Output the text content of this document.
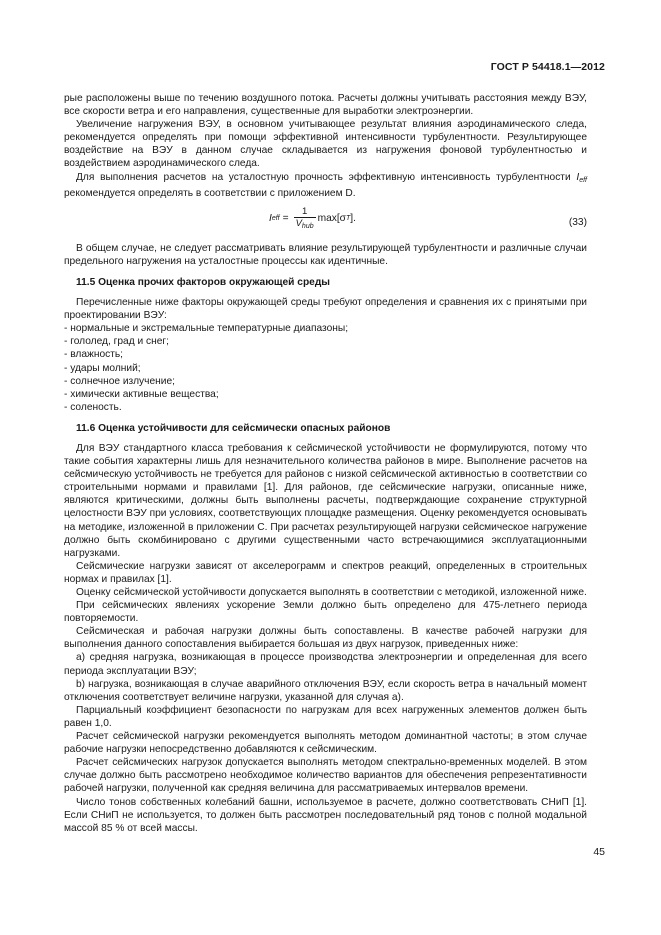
ГОСТ Р 54418.1—2012

рые расположены выше по течению воздушного потока. Расчеты должны учитывать расстояния между ВЭУ, все скорости ветра и его направления, существенные для выработки электроэнергии.

Увеличение нагружения ВЭУ, в основном учитывающее результат влияния аэродинамического следа, рекомендуется определять при помощи эффективной интенсивности турбулентности. Результирующее воздействие на ВЭУ в данном случае складывается из нагружения фоновой турбулентностью и воздействием аэродинамического следа.

Для выполнения расчетов на усталостную прочность эффективную интенсивность турбулентности $I_{eff}$ рекомендуется определять в соответствии с приложением D.

I eff = $\frac{1}{V_{hub}}$ max [σ T ].	(33)

В общем случае, не следует рассматривать влияние результирующей турбулентности и различные случаи предельного нагружения на усталостные процессы как идентичные.

11.5 Оценка прочих факторов окружающей среды

Перечисленные ниже факторы окружающей среды требуют определения и сравнения их с принятыми при проектировании ВЭУ:

- нормальные и экстремальные температурные диапазоны;

- гололед, град и снег;

- влажность;

- удары молний;

- солнечное излучение;

- химически активные вещества;

- соленость.

11.6 Оценка устойчивости для сейсмически опасных районов

Для ВЭУ стандартного класса требования к сейсмической устойчивости не формулируются, потому что такие события характерны лишь для незначительного количества районов в мире. Выполнение расчетов на сейсмическую устойчивость не требуется для районов с низкой сейсмической активностью в соответствии со строительными нормами и правилами [1]. Для районов, где сейсмические нагрузки, описанные ниже, являются критическими, должны быть выполнены расчеты, подтверждающие сохранение структурной целостности ВЭУ при условиях, соответствующих площадке размещения. Оценку рекомендуется основывать на методике, изложенной в приложении С. При расчетах результирующей нагрузки сейсмическое нагружение должно быть скомбинировано с другими существенными часто встречающимися эксплуатационными нагрузками.

Сейсмические нагрузки зависят от акселерограмм и спектров реакций, определенных в строительных нормах и правилах [1].

Оценку сейсмической устойчивости допускается выполнять в соответствии с методикой, изложенной ниже.

При сейсмических явлениях ускорение Земли должно быть определено для 475-летнего периода повторяемости.

Сейсмическая и рабочая нагрузки должны быть сопоставлены. В качестве рабочей нагрузки для выполнения данного сопоставления выбирается большая из двух нагрузок, приведенных ниже:

а) средняя нагрузка, возникающая в процессе производства электроэнергии и определенная для всего периода эксплуатации ВЭУ;

b) нагрузка, возникающая в случае аварийного отключения ВЭУ, если скорость ветра в начальный момент отключения соответствует величине нагрузки, указанной для случая а).

Парциальный коэффициент безопасности по нагрузкам для всех нагруженных элементов должен быть равен 1,0.

Расчет сейсмической нагрузки рекомендуется выполнять методом доминантной частоты; в этом случае рабочие нагрузки непосредственно добавляются к сейсмическим.

Расчет сейсмических нагрузок допускается выполнять методом спектрально-временных моделей. В этом случае должно быть рассмотрено необходимое количество вариантов для обеспечения репрезентативности рабочей нагрузки, полученной как средняя величина для рассматриваемых интервалов времени.

Число тонов собственных колебаний башни, используемое в расчете, должно соответствовать СНиП [1]. Если СНиП не используется, то должен быть рассмотрен последовательный ряд тонов с полной модальной массой 85 % от всей массы.

45
